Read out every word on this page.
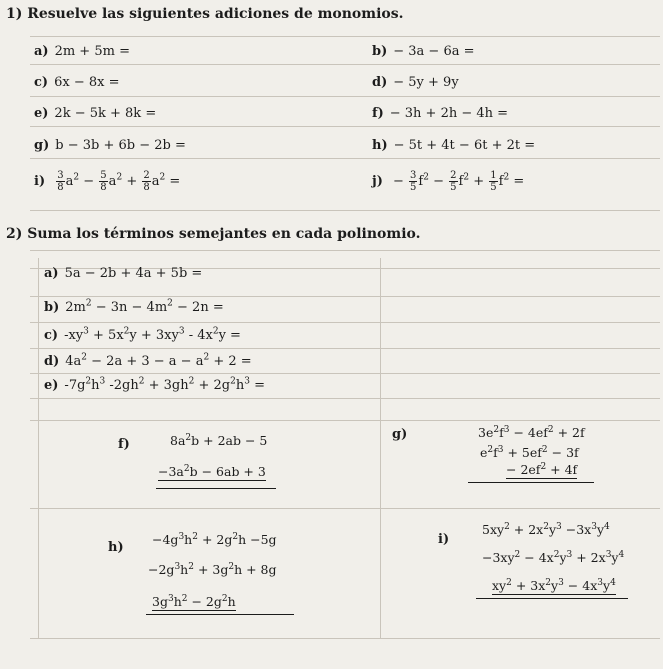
1) Resuelve las siguientes adiciones de monomios.
a) 2m + 5m =	b) − 3a − 6a =
c) 6x − 8x =	d) − 5y + 9y
e) 2k − 5k + 8k =	f) − 3h + 2h − 4h =
g) b − 3b + 6b − 2b =	h) − 5t + 4t − 6t + 2t =
$i) \frac{3}{8} a^2 - \frac{5}{8} a^2 + \frac{2}{8} a^2$ =	$j) - \frac{3}{5} f^2 - \frac{2}{5} f^2 + \frac{1}{5} f^2$ =
2) Suma los términos semejantes en cada polinomio.
a) 5a − 2b + 4a + 5b =
b) $2m^2 - 3n - 4m^2 - 2n$ =
c) $-xy^3 + 5x^2y + 3xy^3 - 4x^2y$ =
d) $4a^2 - 2a + 3 - a - a^2 + 2$ =
e) $-7g^2h^3$ $-2gh^2 + 3gh^2 + 2g^2h^3$ =
f)	$8a^2b + 2ab - 5$
$-3a^2b - 6ab + 3$
g)	$3e^2f^3 - 4ef^2 + 2f$
$e^2f^3 + 5ef^2 - 3f$
− $2ef^2 + 4f$
h)
$-4g^3h^2 + 2g^2h -5g$
$-2g^3h^2 + 3g^2h + 8g$
$3g^3h^2 - 2g^2h$
i)
$5xy^2 + 2x^2y^3 -3x^3y^4$
$-3xy^2 - 4x^2y^3 + 2x^3y^4$
$xy^2 + 3x^2y^3 - 4x^3y^4$
